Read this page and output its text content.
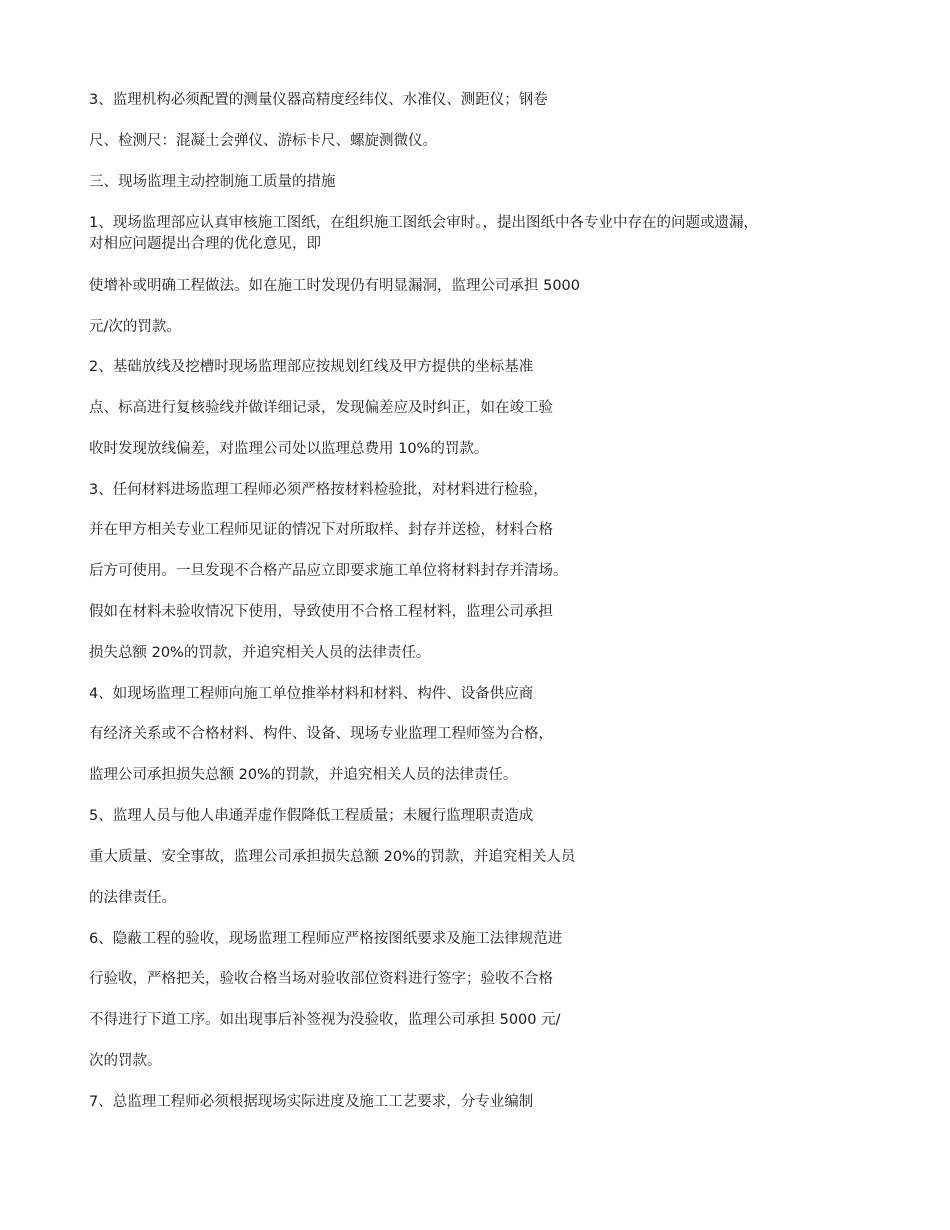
3、监理机构必须配置的测量仪器高精度经纬仪、水准仪、测距仪；钢卷
尺、检测尺：混凝土会弹仪、游标卡尺、螺旋测微仪。
三、现场监理主动控制施工质量的措施
1、现场监理部应认真审核施工图纸，在组织施工图纸会审时。，提出图纸中各专业中存在的问题或遗漏，
对相应问题提出合理的优化意见，即
使增补或明确工程做法。如在施工时发现仍有明显漏洞，监理公司承担 5000
元/次的罚款。
2、基础放线及挖槽时现场监理部应按规划红线及甲方提供的坐标基准
点、标高进行复核验线并做详细记录，发现偏差应及时纠正，如在竣工验
收时发现放线偏差，对监理公司处以监理总费用 10%的罚款。
3、任何材料进场监理工程师必须严格按材料检验批，对材料进行检验，
并在甲方相关专业工程师见证的情况下对所取样、封存并送检，材料合格
后方可使用。一旦发现不合格产品应立即要求施工单位将材料封存并清场。
假如在材料未验收情况下使用，导致使用不合格工程材料，监理公司承担
损失总额 20%的罚款，并追究相关人员的法律责任。
4、如现场监理工程师向施工单位推举材料和材料、构件、设备供应商
有经济关系或不合格材料、构件、设备、现场专业监理工程师签为合格，
监理公司承担损失总额 20%的罚款，并追究相关人员的法律责任。
5、监理人员与他人串通弄虚作假降低工程质量；未履行监理职责造成
重大质量、安全事故，监理公司承担损失总额 20%的罚款，并追究相关人员
的法律责任。
6、隐蔽工程的验收，现场监理工程师应严格按图纸要求及施工法律规范进
行验收，严格把关，验收合格当场对验收部位资料进行签字；验收不合格
不得进行下道工序。如出现事后补签视为没验收，监理公司承担 5000 元/
次的罚款。
7、总监理工程师必须根据现场实际进度及施工工艺要求，分专业编制
